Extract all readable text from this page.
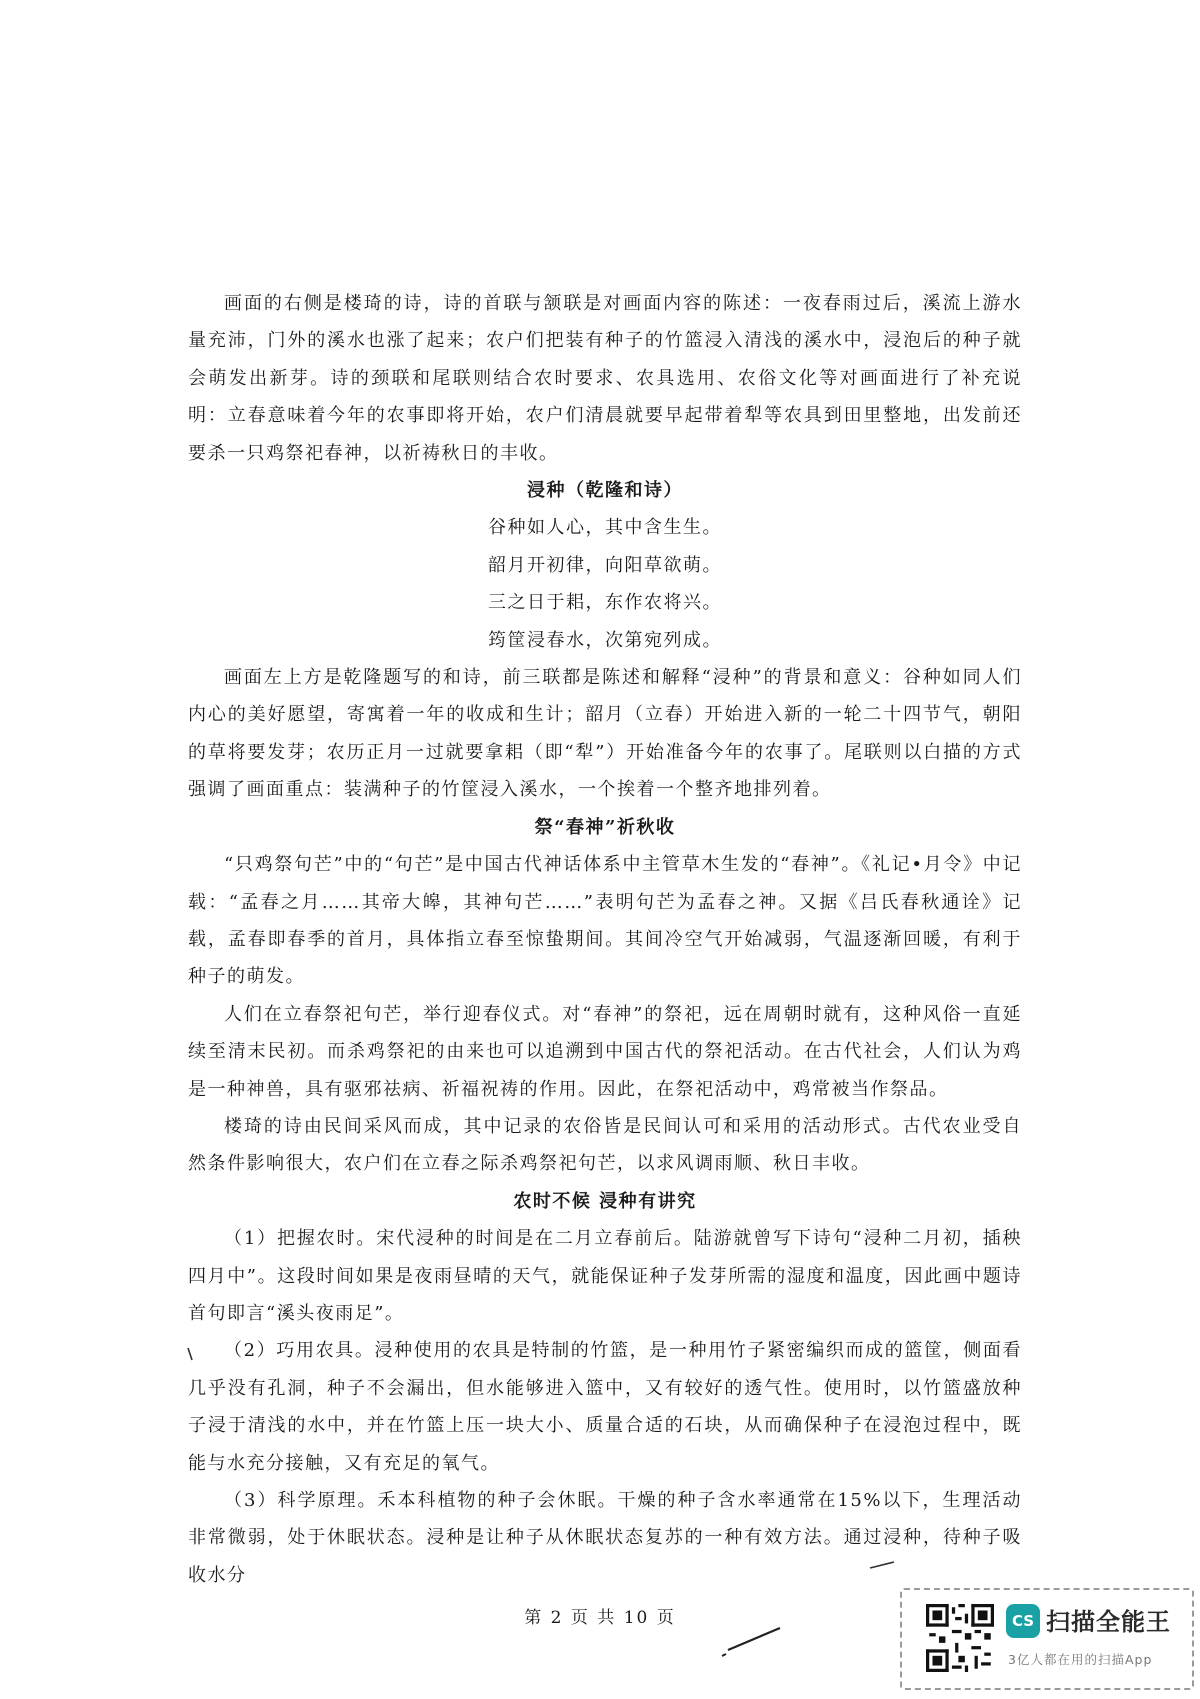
画面的右侧是楼琦的诗，诗的首联与颔联是对画面内容的陈述：一夜春雨过后，溪流上游水量充沛，门外的溪水也涨了起来；农户们把装有种子的竹篮浸入清浅的溪水中，浸泡后的种子就会萌发出新芽。诗的颈联和尾联则结合农时要求、农具选用、农俗文化等对画面进行了补充说明：立春意味着今年的农事即将开始，农户们清晨就要早起带着犁等农具到田里整地，出发前还要杀一只鸡祭祀春神，以祈祷秋日的丰收。

浸种（乾隆和诗）

谷种如人心，其中含生生。

韶月开初律，向阳草欲萌。

三之日于耜，东作农将兴。

筠筐浸春水，次第宛列成。

画面左上方是乾隆题写的和诗，前三联都是陈述和解释“浸种”的背景和意义：谷种如同人们内心的美好愿望，寄寓着一年的收成和生计；韶月（立春）开始进入新的一轮二十四节气，朝阳的草将要发芽；农历正月一过就要拿耜（即“犁”）开始准备今年的农事了。尾联则以白描的方式强调了画面重点：装满种子的竹筐浸入溪水，一个挨着一个整齐地排列着。

祭“春神”祈秋收

“只鸡祭句芒”中的“句芒”是中国古代神话体系中主管草木生发的“春神”。《礼记•月令》中记载：“孟春之月……其帝大皞，其神句芒……”表明句芒为孟春之神。又据《吕氏春秋通诠》记载，孟春即春季的首月，具体指立春至惊蛰期间。其间冷空气开始减弱，气温逐渐回暖，有利于种子的萌发。

人们在立春祭祀句芒，举行迎春仪式。对“春神”的祭祀，远在周朝时就有，这种风俗一直延续至清末民初。而杀鸡祭祀的由来也可以追溯到中国古代的祭祀活动。在古代社会，人们认为鸡是一种神兽，具有驱邪祛病、祈福祝祷的作用。因此，在祭祀活动中，鸡常被当作祭品。

楼琦的诗由民间采风而成，其中记录的农俗皆是民间认可和采用的活动形式。古代农业受自然条件影响很大，农户们在立春之际杀鸡祭祀句芒，以求风调雨顺、秋日丰收。

农时不候 浸种有讲究

（1）把握农时。宋代浸种的时间是在二月立春前后。陆游就曾写下诗句“浸种二月初，插秧四月中”。这段时间如果是夜雨昼晴的天气，就能保证种子发芽所需的湿度和温度，因此画中题诗首句即言“溪头夜雨足”。

（2）巧用农具。浸种使用的农具是特制的竹篮，是一种用竹子紧密编织而成的篮筐，侧面看几乎没有孔洞，种子不会漏出，但水能够进入篮中，又有较好的透气性。使用时，以竹篮盛放种子浸于清浅的水中，并在竹篮上压一块大小、质量合适的石块，从而确保种子在浸泡过程中，既能与水充分接触，又有充足的氧气。

（3）科学原理。禾本科植物的种子会休眠。干燥的种子含水率通常在15%以下，生理活动非常微弱，处于休眠状态。浸种是让种子从休眠状态复苏的一种有效方法。通过浸种，待种子吸收水分

第 2 页 共 10 页	CS 扫描全能王
3亿人都在用的扫描App
